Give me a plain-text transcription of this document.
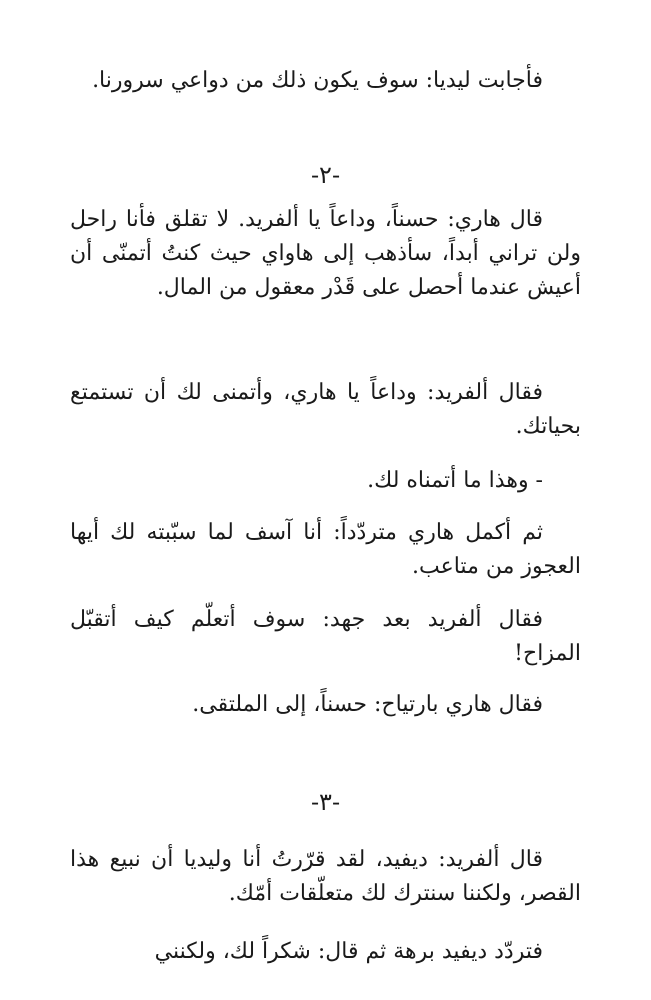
فأجابت ليديا: سوف يكون ذلك من دواعي سرورنا.

-٢-

قال هاري: حسناً، وداعاً يا ألفريد. لا تقلق فأنا راحل ولن تراني أبداً، سأذهب إلى هاواي حيث كنتُ أتمنّى أن أعيش عندما أحصل على قَدْر معقول من المال.

فقال ألفريد: وداعاً يا هاري، وأتمنى لك أن تستمتع بحياتك.

- وهذا ما أتمناه لك.

ثم أكمل هاري متردّداً: أنا آسف لما سبّبته لك أيها العجوز من متاعب.

فقال ألفريد بعد جهد: سوف أتعلّم كيف أتقبّل المزاح!

فقال هاري بارتياح: حسناً، إلى الملتقى.

-٣-

قال ألفريد: ديفيد، لقد قرّرتُ أنا وليديا أن نبيع هذا القصر، ولكننا سنترك لك متعلّقات أمّك.

فتردّد ديفيد برهة ثم قال: شكراً لك، ولكنني
